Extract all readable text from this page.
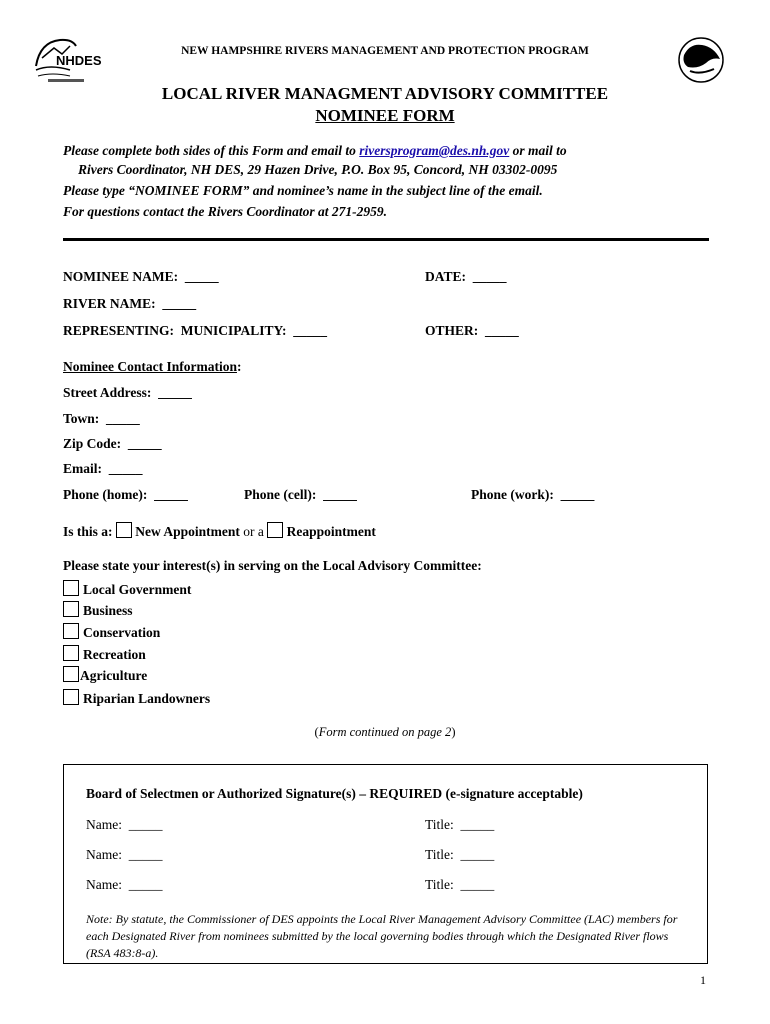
NHDES
NEW HAMPSHIRE RIVERS MANAGEMENT AND PROTECTION PROGRAM
LOCAL RIVER MANAGMENT ADVISORY COMMITTEE
NOMINEE FORM
Please complete both sides of this Form and email to riversprogram@des.nh.gov or mail to
Rivers Coordinator, NH DES, 29 Hazen Drive, P.O. Box 95, Concord, NH 03302-0095
Please type “NOMINEE FORM” and nominee’s name in the subject line of the email.
For questions contact the Rivers Coordinator at 271-2959.
NOMINEE NAME: _____	DATE: _____
RIVER NAME: _____
REPRESENTING: MUNICIPALITY: _____	OTHER: _____
Nominee Contact Information:
Street Address: _____
Town: _____
Zip Code: _____
Email: _____
Phone (home): _____	Phone (cell): _____	Phone (work): _____
Is this a: New Appointment or a Reappointment
Please state your interest(s) in serving on the Local Advisory Committee:
Local Government
Business
Conservation
Recreation
Agriculture
Riparian Landowners
(Form continued on page 2)
Board of Selectmen or Authorized Signature(s) – REQUIRED (e-signature acceptable)
Name: _____	Title: _____
Name: _____	Title: _____
Name: _____	Title: _____
Note: By statute, the Commissioner of DES appoints the Local River Management Advisory Committee (LAC) members for each Designated River from nominees submitted by the local governing bodies through which the Designated River flows (RSA 483:8-a).
1
